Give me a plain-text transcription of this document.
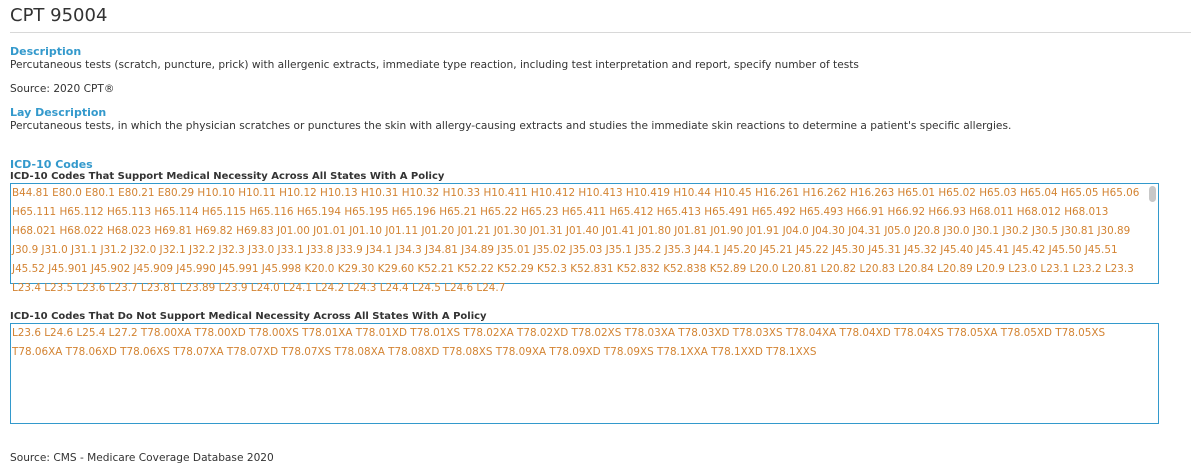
CPT 95004
Description
Percutaneous tests (scratch, puncture, prick) with allergenic extracts, immediate type reaction, including test interpretation and report, specify number of tests
Source: 2020 CPT®
Lay Description
Percutaneous tests, in which the physician scratches or punctures the skin with allergy-causing extracts and studies the immediate skin reactions to determine a patient's specific allergies.
ICD-10 Codes
ICD-10 Codes That Support Medical Necessity Across All States With A Policy

B44.81 E80.0 E80.1 E80.21 E80.29 H10.10 H10.11 H10.12 H10.13 H10.31 H10.32 H10.33 H10.411 H10.412 H10.413 H10.419 H10.44 H10.45 H16.261 H16.262 H16.263 H65.01 H65.02 H65.03 H65.04 H65.05 H65.06 H65.111 H65.112 H65.113 H65.114 H65.115 H65.116 H65.194 H65.195 H65.196 H65.21 H65.22 H65.23 H65.411 H65.412 H65.413 H65.491 H65.492 H65.493 H66.91 H66.92 H66.93 H68.011 H68.012 H68.013 H68.021 H68.022 H68.023 H69.81 H69.82 H69.83 J01.00 J01.01 J01.10 J01.11 J01.20 J01.21 J01.30 J01.31 J01.40 J01.41 J01.80 J01.81 J01.90 J01.91 J04.0 J04.30 J04.31 J05.0 J20.8 J30.0 J30.1 J30.2 J30.5 J30.81 J30.89 J30.9 J31.0 J31.1 J31.2 J32.0 J32.1 J32.2 J32.3 J33.0 J33.1 J33.8 J33.9 J34.1 J34.3 J34.81 J34.89 J35.01 J35.02 J35.03 J35.1 J35.2 J35.3 J44.1 J45.20 J45.21 J45.22 J45.30 J45.31 J45.32 J45.40 J45.41 J45.42 J45.50 J45.51 J45.52 J45.901 J45.902 J45.909 J45.990 J45.991 J45.998 K20.0 K29.30 K29.60 K52.21 K52.22 K52.29 K52.3 K52.831 K52.832 K52.838 K52.89 L20.0 L20.81 L20.82 L20.83 L20.84 L20.89 L20.9 L23.0 L23.1 L23.2 L23.3 L23.4 L23.5 L23.6 L23.7 L23.81 L23.89 L23.9 L24.0 L24.1 L24.2 L24.3 L24.4 L24.5 L24.6 L24.7

ICD-10 Codes That Do Not Support Medical Necessity Across All States With A Policy

L23.6 L24.6 L25.4 L27.2 T78.00XA T78.00XD T78.00XS T78.01XA T78.01XD T78.01XS T78.02XA T78.02XD T78.02XS T78.03XA T78.03XD T78.03XS T78.04XA T78.04XD T78.04XS T78.05XA T78.05XD T78.05XS T78.06XA T78.06XD T78.06XS T78.07XA T78.07XD T78.07XS T78.08XA T78.08XD T78.08XS T78.09XA T78.09XD T78.09XS T78.1XXA T78.1XXD T78.1XXS

Source: CMS - Medicare Coverage Database 2020
